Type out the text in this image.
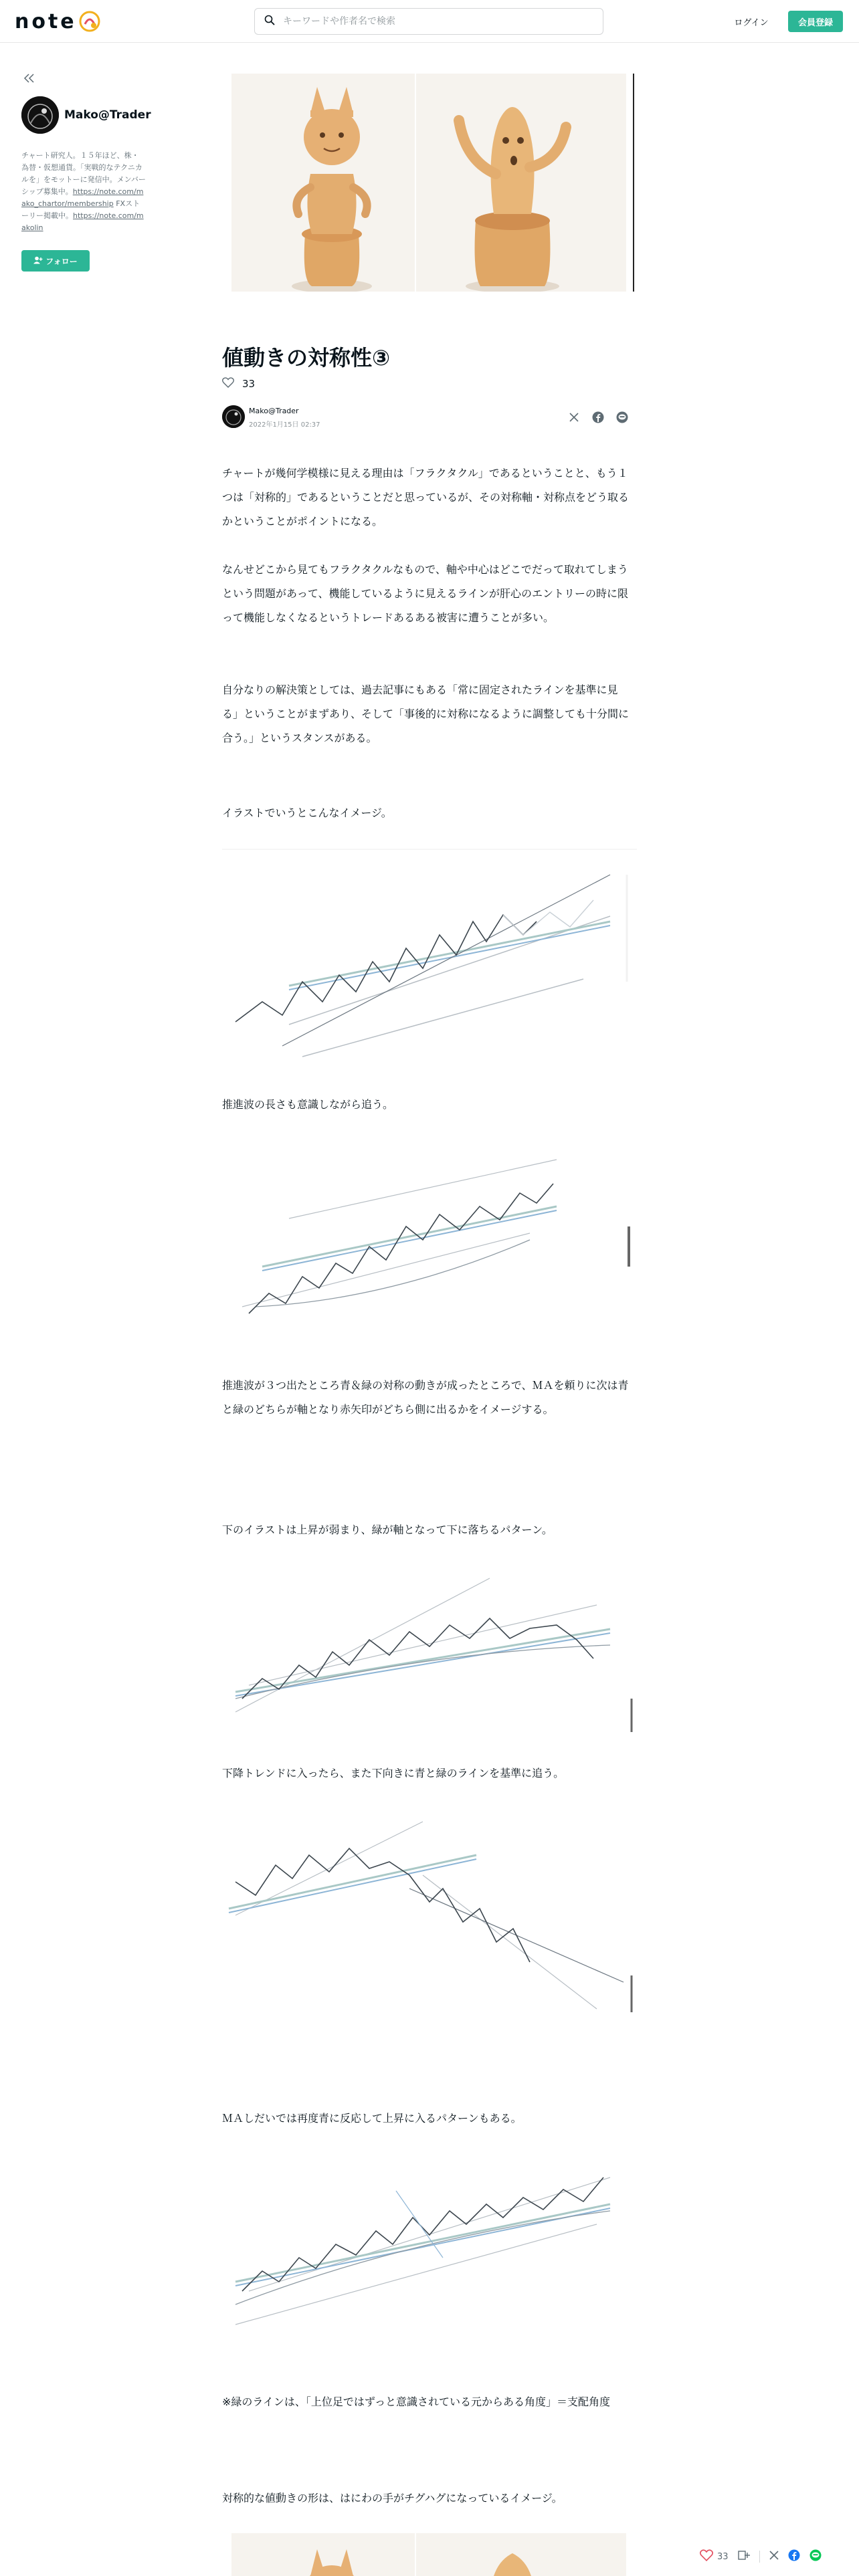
note
キーワードや作者名で検索	ログイン	会員登録
Mako@Trader
チャート研究人。１５年ほど、株・為替・仮想通貨。「実戦的なテクニカルを」をモットーに発信中。メンバーシップ募集中。https://note.com/mako_chartor/membership FXストーリー掲載中。https://note.com/makolin
フォロー
値動きの対称性③
33
Mako@Trader
2022年1月15日 02:37

チャートが幾何学模様に見える理由は「フラクタクル」であるということと、もう１つは「対称的」であるということだと思っているが、その対称軸・対称点をどう取るかということがポイントになる。

なんせどこから見てもフラクタクルなもので、軸や中心はどこでだって取れてしまうという問題があって、機能しているように見えるラインが肝心のエントリーの時に限って機能しなくなるというトレードあるある被害に遭うことが多い。

自分なりの解決策としては、過去記事にもある「常に固定されたラインを基準に見る」ということがまずあり、そして「事後的に対称になるように調整しても十分間に合う。」というスタンスがある。

イラストでいうとこんなイメージ。

推進波の長さも意識しながら追う。

推進波が３つ出たところ青＆緑の対称の動きが成ったところで、ＭＡを頼りに次は青と緑のどちらが軸となり赤矢印がどちら側に出るかをイメージする。

下のイラストは上昇が弱まり、緑が軸となって下に落ちるパターン。

下降トレンドに入ったら、また下向きに青と緑のラインを基準に追う。

ＭＡしだいでは再度青に反応して上昇に入るパターンもある。

※緑のラインは、「上位足ではずっと意識されている元からある角度」＝支配角度

対称的な値動きの形は、はにわの手がチグハグになっているイメージ。

33
